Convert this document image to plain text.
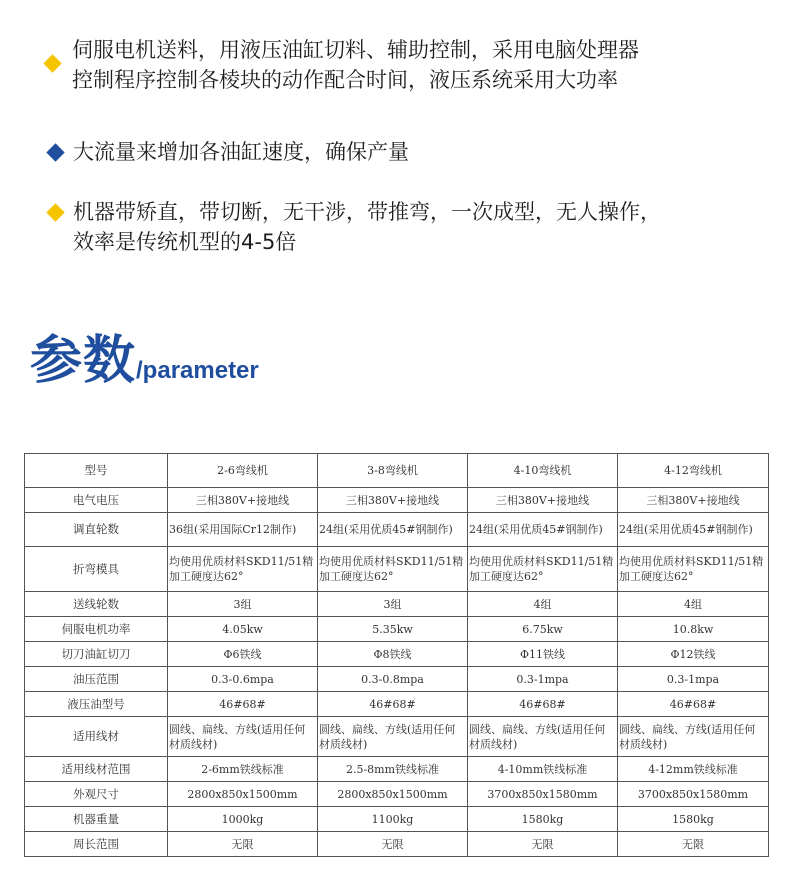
伺服电机送料，用液压油缸切料、辅助控制，采用电脑处理器
控制程序控制各棱块的动作配合时间，液压系统采用大功率
大流量来增加各油缸速度，确保产量
机器带矫直，带切断，无干涉，带推弯，一次成型，无人操作，
效率是传统机型的4-5倍
参数/parameter
型号	2-6弯线机	3-8弯线机	4-10弯线机	4-12弯线机
电气电压	三相380V+接地线	三相380V+接地线	三相380V+接地线	三相380V+接地线
调直轮数	36组(采用国际Cr12制作)	24组(采用优质45#钢制作)	24组(采用优质45#钢制作)	24组(采用优质45#钢制作)
折弯模具	均使用优质材料SKD11/51精加工硬度达62°	均使用优质材料SKD11/51精加工硬度达62°	均使用优质材料SKD11/51精加工硬度达62°	均使用优质材料SKD11/51精加工硬度达62°
送线轮数	3组	3组	4组	4组
伺服电机功率	4.05kw	5.35kw	6.75kw	10.8kw
切刀油缸切刀	Φ6铁线	Φ8铁线	Φ11铁线	Φ12铁线
油压范围	0.3-0.6mpa	0.3-0.8mpa	0.3-1mpa	0.3-1mpa
液压油型号	46#68#	46#68#	46#68#	46#68#
适用线材	圆线、扁线、方线(适用任何材质线材)	圆线、扁线、方线(适用任何材质线材)	圆线、扁线、方线(适用任何材质线材)	圆线、扁线、方线(适用任何材质线材)
适用线材范围	2-6mm铁线标准	2.5-8mm铁线标准	4-10mm铁线标准	4-12mm铁线标准
外观尺寸	2800x850x1500mm	2800x850x1500mm	3700x850x1580mm	3700x850x1580mm
机器重量	1000kg	1100kg	1580kg	1580kg
周长范围	无限	无限	无限	无限
